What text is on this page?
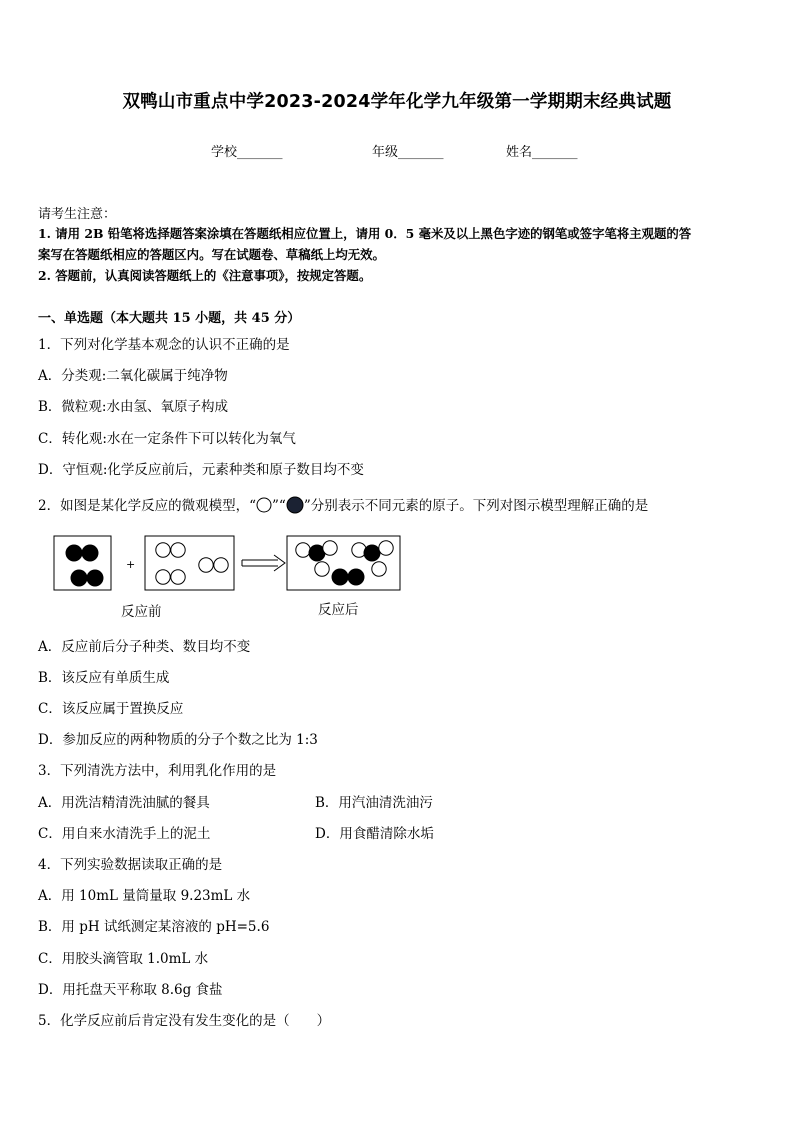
双鸭山市重点中学2023-2024学年化学九年级第一学期期末经典试题
学校_______	年级_______	姓名_______
请考生注意：
1. 请用 2B 铅笔将选择题答案涂填在答题纸相应位置上，请用 0．5 毫米及以上黑色字迹的钢笔或签字笔将主观题的答
案写在答题纸相应的答题区内。写在试题卷、草稿纸上均无效。
2. 答题前，认真阅读答题纸上的《注意事项》，按规定答题。
一、单选题（本大题共 15 小题，共 45 分）
1．下列对化学基本观念的认识不正确的是
A．分类观:二氧化碳属于纯净物
B．微粒观:水由氢、氧原子构成
C．转化观:水在一定条件下可以转化为氧气
D．守恒观:化学反应前后，元素种类和原子数目均不变
2．如图是某化学反应的微观模型，“ ”“ ”分别表示不同元素的原子。下列对图示模型理解正确的是
+
反应前	反应后
A．反应前后分子种类、数目均不变
B．该反应有单质生成
C．该反应属于置换反应
D．参加反应的两种物质的分子个数之比为 1:3
3．下列清洗方法中，利用乳化作用的是
A．用洗洁精清洗油腻的餐具	B．用汽油清洗油污
C．用自来水清洗手上的泥土	D．用食醋清除水垢
4．下列实验数据读取正确的是
A．用 10mL 量筒量取 9.23mL 水
B．用 pH 试纸测定某溶液的 pH=5.6
C．用胶头滴管取 1.0mL 水
D．用托盘天平称取 8.6g 食盐
5．化学反应前后肯定没有发生变化的是（　　）
